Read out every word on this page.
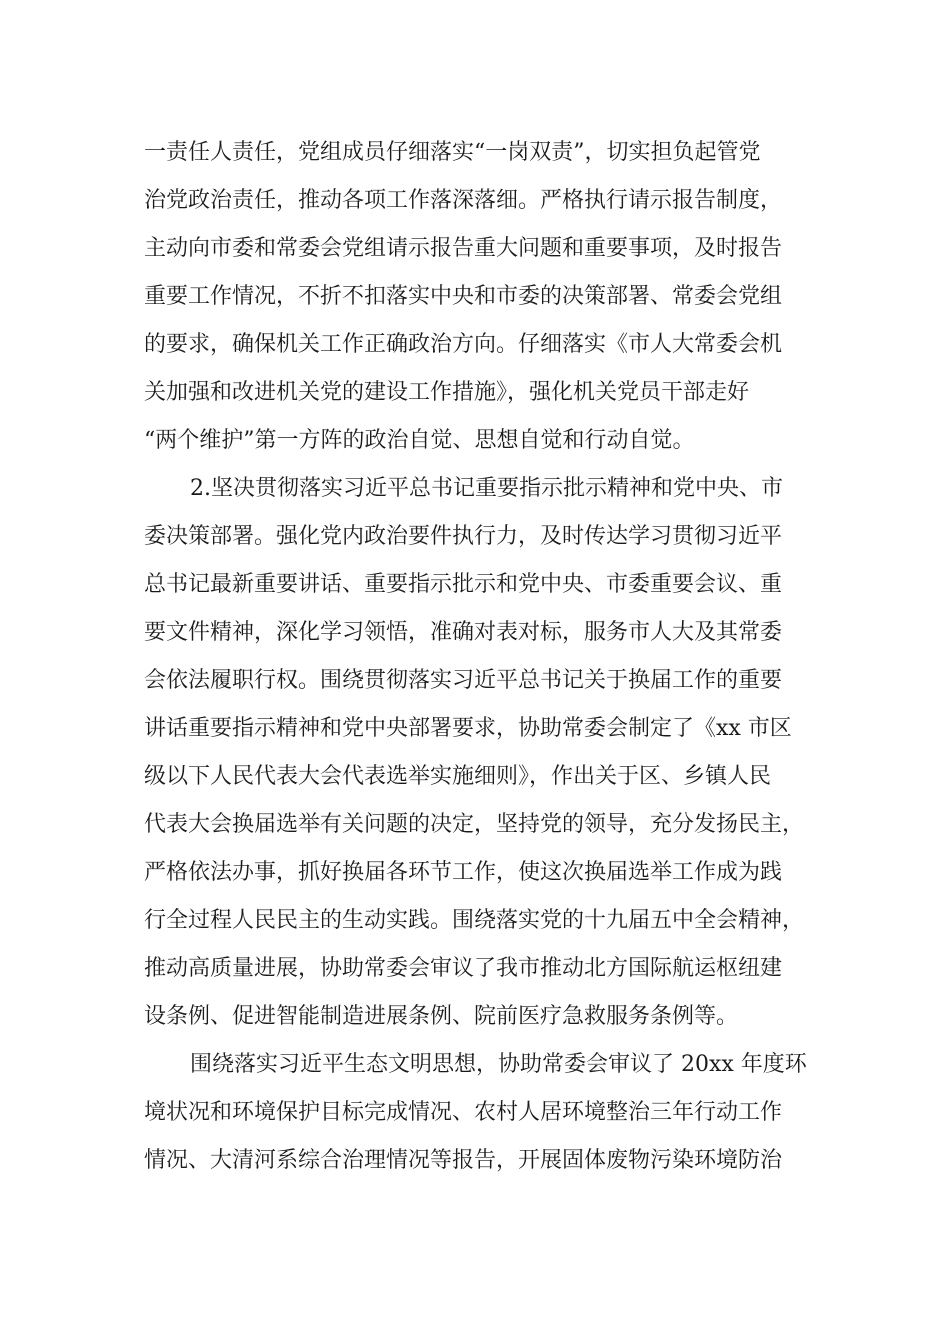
一责任人责任，党组成员仔细落实“一岗双责”，切实担负起管党
治党政治责任，推动各项工作落深落细。严格执行请示报告制度，
主动向市委和常委会党组请示报告重大问题和重要事项，及时报告
重要工作情况，不折不扣落实中央和市委的决策部署、常委会党组
的要求，确保机关工作正确政治方向。仔细落实《市人大常委会机
关加强和改进机关党的建设工作措施》，强化机关党员干部走好
“两个维护”第一方阵的政治自觉、思想自觉和行动自觉。
2.坚决贯彻落实习近平总书记重要指示批示精神和党中央、市
委决策部署。强化党内政治要件执行力，及时传达学习贯彻习近平
总书记最新重要讲话、重要指示批示和党中央、市委重要会议、重
要文件精神，深化学习领悟，准确对表对标，服务市人大及其常委
会依法履职行权。围绕贯彻落实习近平总书记关于换届工作的重要
讲话重要指示精神和党中央部署要求，协助常委会制定了《xx 市区
级以下人民代表大会代表选举实施细则》，作出关于区、乡镇人民
代表大会换届选举有关问题的决定，坚持党的领导，充分发扬民主，
严格依法办事，抓好换届各环节工作，使这次换届选举工作成为践
行全过程人民民主的生动实践。围绕落实党的十九届五中全会精神，
推动高质量进展，协助常委会审议了我市推动北方国际航运枢纽建
设条例、促进智能制造进展条例、院前医疗急救服务条例等。
围绕落实习近平生态文明思想，协助常委会审议了 20xx 年度环
境状况和环境保护目标完成情况、农村人居环境整治三年行动工作
情况、大清河系综合治理情况等报告，开展固体废物污染环境防治
